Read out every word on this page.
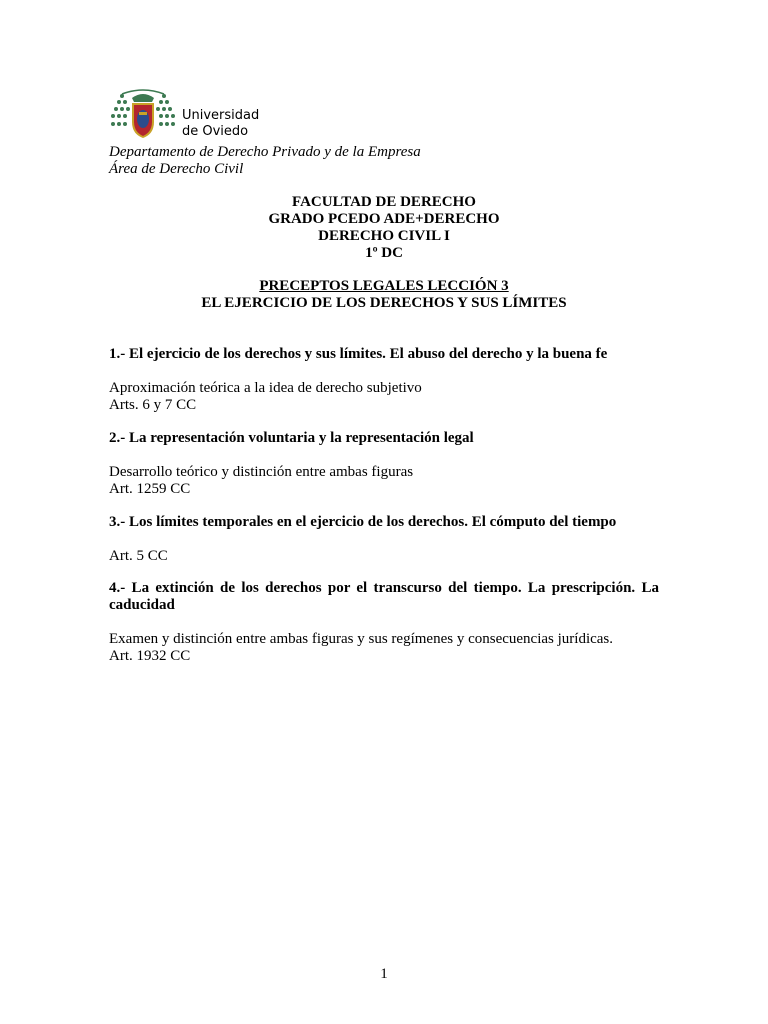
Universidad
de Oviedo
Departamento de Derecho Privado y de la Empresa
Área de Derecho Civil
FACULTAD DE DERECHO
GRADO PCEDO ADE+DERECHO
DERECHO CIVIL I
1º DC
PRECEPTOS LEGALES LECCIÓN 3
EL EJERCICIO DE LOS DERECHOS Y SUS LÍMITES
1.- El ejercicio de los derechos y sus límites. El abuso del derecho y la buena fe
Aproximación teórica a la idea de derecho subjetivo
Arts. 6 y 7 CC
2.- La representación voluntaria y la representación legal
Desarrollo teórico y distinción entre ambas figuras
Art. 1259 CC
3.- Los límites temporales en el ejercicio de los derechos. El cómputo del tiempo
Art. 5 CC
4.- La extinción de los derechos por el transcurso del tiempo. La prescripción. La caducidad
Examen y distinción entre ambas figuras y sus regímenes y consecuencias jurídicas.
Art. 1932 CC
1
